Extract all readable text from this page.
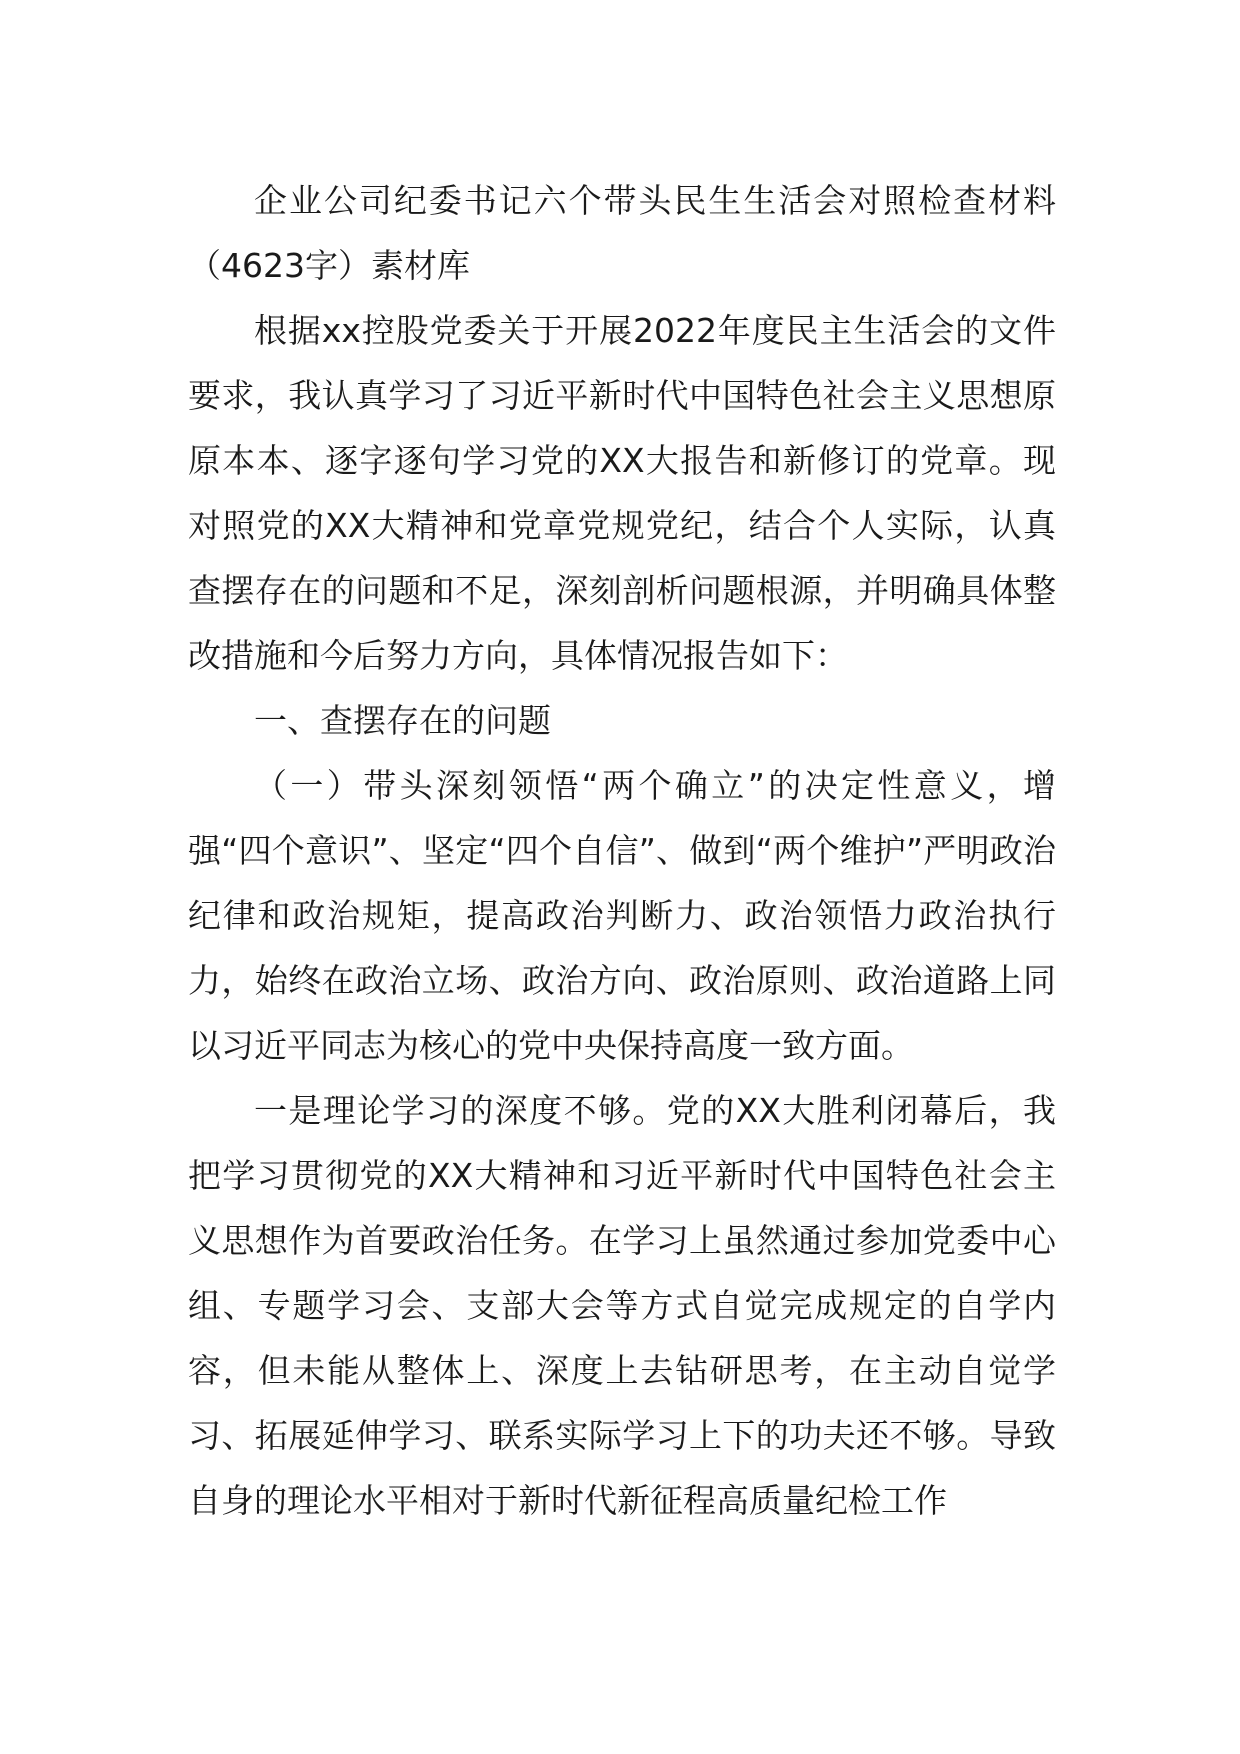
企业公司纪委书记六个带头民生生活会对照检查材料（4623字）素材库

根据xx控股党委关于开展2022年度民主生活会的文件要求，我认真学习了习近平新时代中国特色社会主义思想原原本本、逐字逐句学习党的XX大报告和新修订的党章。现对照党的XX大精神和党章党规党纪，结合个人实际，认真查摆存在的问题和不足，深刻剖析问题根源，并明确具体整改措施和今后努力方向，具体情况报告如下：

一、查摆存在的问题

（一）带头深刻领悟“两个确立”的决定性意义，增强“四个意识”、坚定“四个自信”、做到“两个维护”严明政治纪律和政治规矩，提高政治判断力、政治领悟力政治执行力，始终在政治立场、政治方向、政治原则、政治道路上同以习近平同志为核心的党中央保持高度一致方面。

一是理论学习的深度不够。党的XX大胜利闭幕后，我把学习贯彻党的XX大精神和习近平新时代中国特色社会主义思想作为首要政治任务。在学习上虽然通过参加党委中心组、专题学习会、支部大会等方式自觉完成规定的自学内容，但未能从整体上、深度上去钻研思考，在主动自觉学习、拓展延伸学习、联系实际学习上下的功夫还不够。导致自身的理论水平相对于新时代新征程高质量纪检工作
